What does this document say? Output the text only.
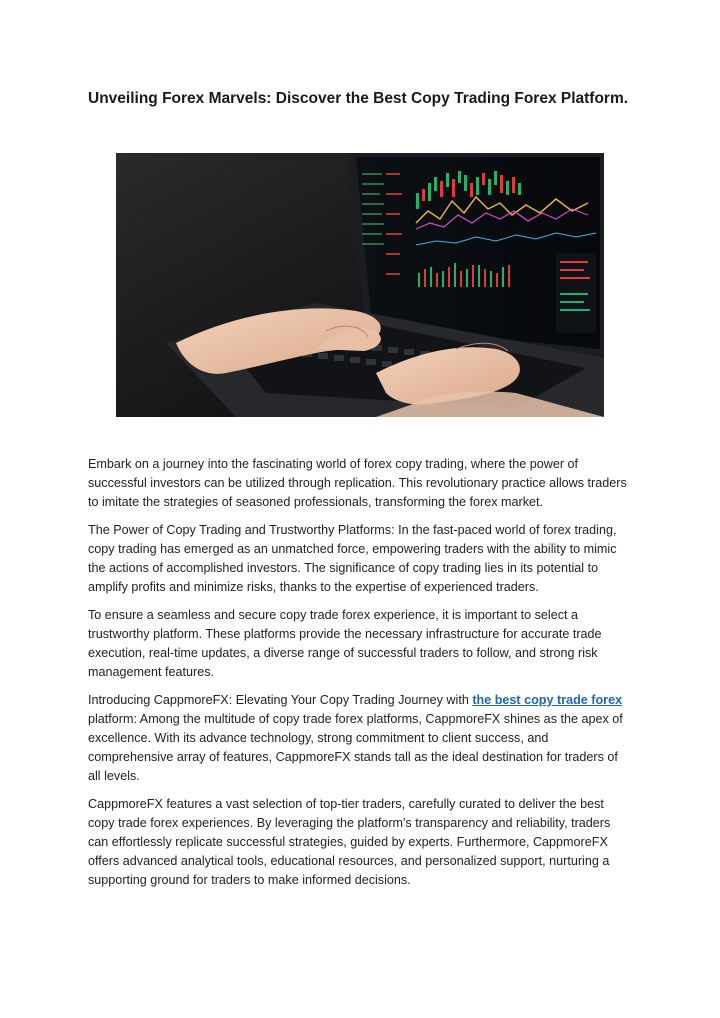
Unveiling Forex Marvels: Discover the Best Copy Trading Forex Platform.

Embark on a journey into the fascinating world of forex copy trading, where the power of successful investors can be utilized through replication. This revolutionary practice allows traders to imitate the strategies of seasoned professionals, transforming the forex market.

The Power of Copy Trading and Trustworthy Platforms: In the fast-paced world of forex trading, copy trading has emerged as an unmatched force, empowering traders with the ability to mimic the actions of accomplished investors. The significance of copy trading lies in its potential to amplify profits and minimize risks, thanks to the expertise of experienced traders.

To ensure a seamless and secure copy trade forex experience, it is important to select a trustworthy platform. These platforms provide the necessary infrastructure for accurate trade execution, real-time updates, a diverse range of successful traders to follow, and strong risk management features.

Introducing CappmoreFX: Elevating Your Copy Trading Journey with the best copy trade forex platform: Among the multitude of copy trade forex platforms, CappmoreFX shines as the apex of excellence. With its advance technology, strong commitment to client success, and comprehensive array of features, CappmoreFX stands tall as the ideal destination for traders of all levels.

CappmoreFX features a vast selection of top-tier traders, carefully curated to deliver the best copy trade forex experiences. By leveraging the platform's transparency and reliability, traders can effortlessly replicate successful strategies, guided by experts. Furthermore, CappmoreFX offers advanced analytical tools, educational resources, and personalized support, nurturing a supporting ground for traders to make informed decisions.
